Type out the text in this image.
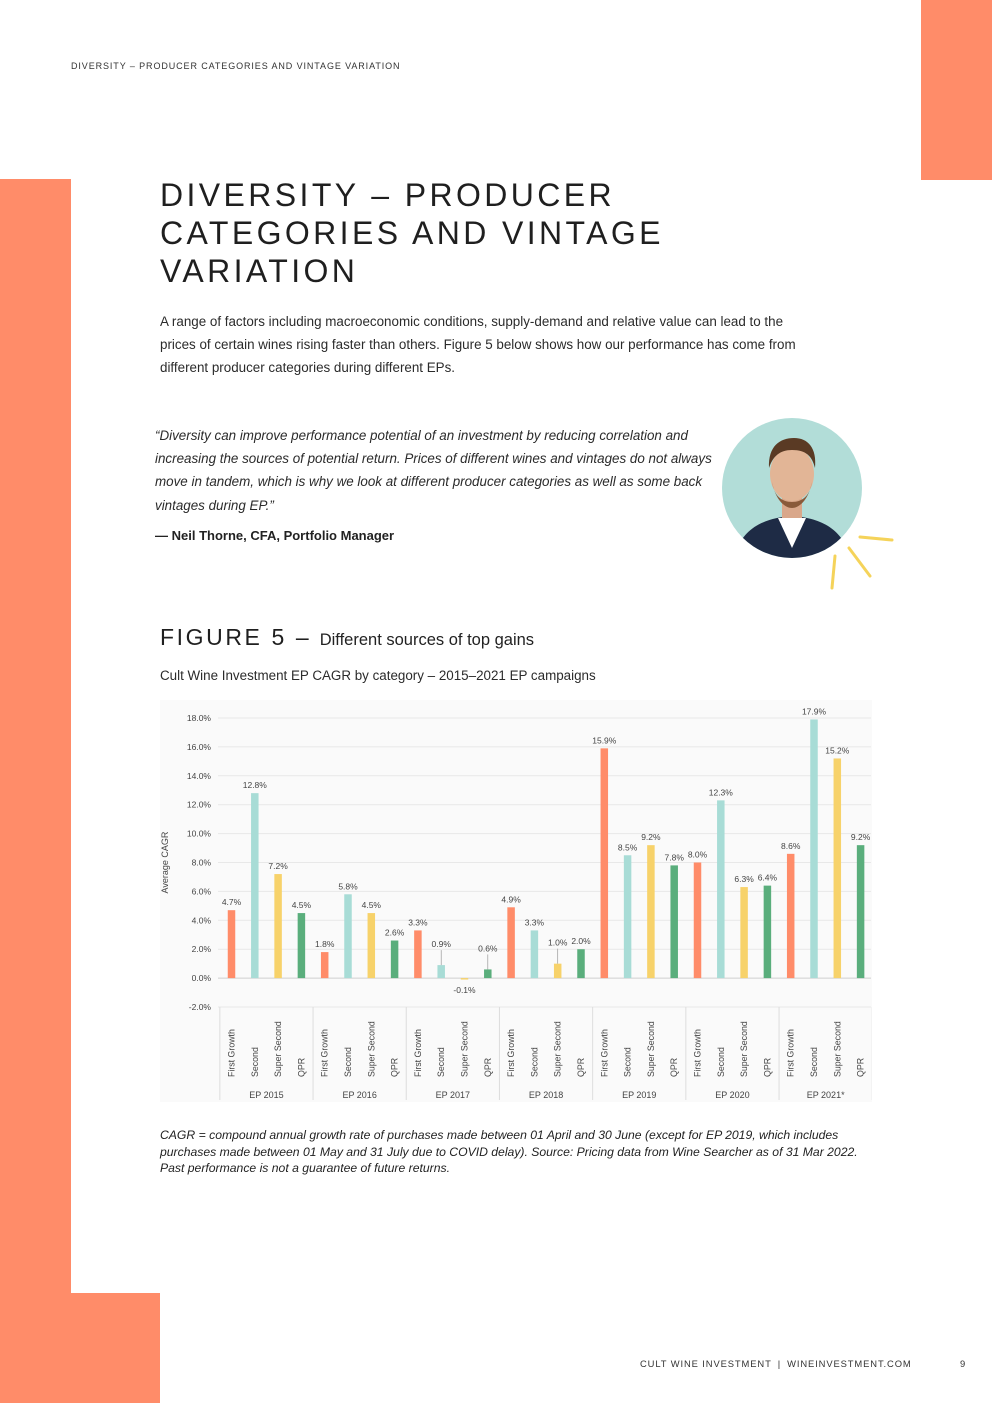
DIVERSITY – PRODUCER CATEGORIES AND VINTAGE VARIATION
DIVERSITY – PRODUCER CATEGORIES AND VINTAGE VARIATION

A range of factors including macroeconomic conditions, supply-demand and relative value can lead to the prices of certain wines rising faster than others. Figure 5 below shows how our performance has come from different producer categories during different EPs.

“Diversity can improve performance potential of an investment by reducing correlation and increasing the sources of potential return. Prices of different wines and vintages do not always move in tandem, which is why we look at different producer categories as well as some back vintages during EP.”

— Neil Thorne, CFA, Portfolio Manager
FIGURE 5 – Different sources of top gains
Cult Wine Investment EP CAGR by category – 2015–2021 EP campaigns
18.0%
16.0%
14.0%
12.0%
10.0%
8.0%
6.0%
4.0%
2.0%
0.0%
-2.0%
Average CAGR
4.7%
First Growth
12.8%
Second
7.2%
Super Second
4.5%
QPR
1.8%
First Growth
5.8%
Second
4.5%
Super Second
2.6%
QPR
3.3%
First Growth
0.9%
Second
-0.1%
Super Second
0.6%
QPR
4.9%
First Growth
3.3%
Second
1.0%
Super Second
2.0%
QPR
15.9%
First Growth
8.5%
Second
9.2%
Super Second
7.8%
QPR
8.0%
First Growth
12.3%
Second
6.3%
Super Second
6.4%
QPR
8.6%
First Growth
17.9%
Second
15.2%
Super Second
9.2%
QPR
EP 2015	EP 2016	EP 2017	EP 2018	EP 2019	EP 2020	EP 2021*

CAGR = compound annual growth rate of purchases made between 01 April and 30 June (except for EP 2019, which includes purchases made between 01 May and 31 July due to COVID delay). Source: Pricing data from Wine Searcher as of 31 Mar 2022. Past performance is not a guarantee of future returns.

CULT WINE INVESTMENT | WINEINVESTMENT.COM	9
